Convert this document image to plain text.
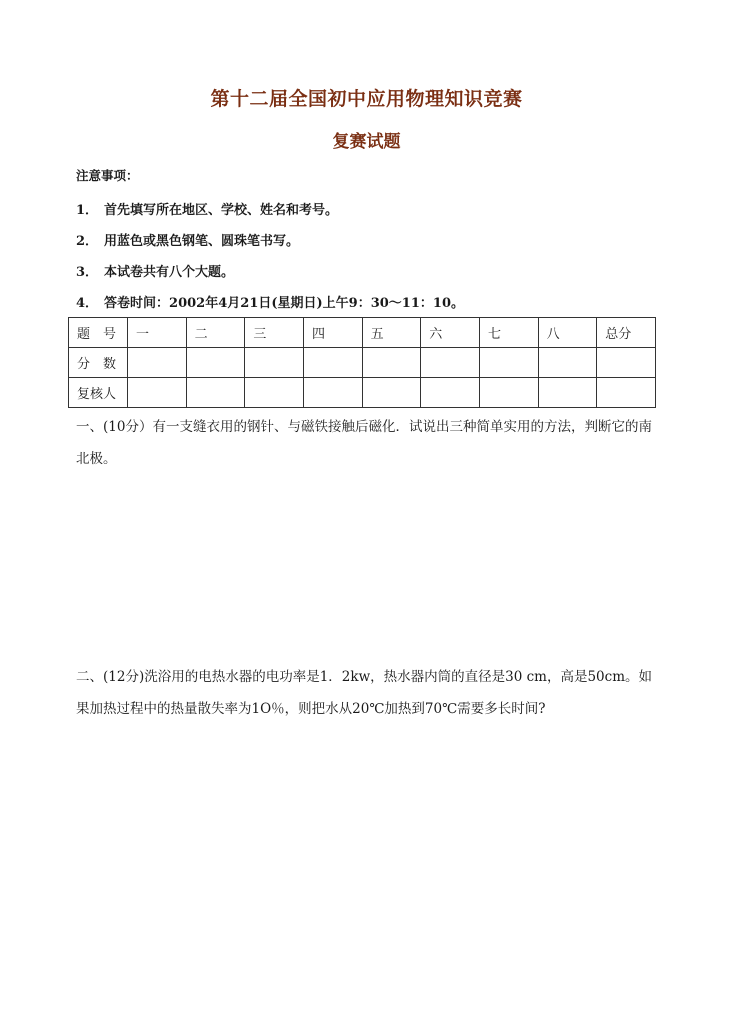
第十二届全国初中应用物理知识竞赛
复赛试题
注意事项：
1． 首先填写所在地区、学校、姓名和考号。
2． 用蓝色或黑色钢笔、圆珠笔书写。
3． 本试卷共有八个大题。
4． 答卷时间：2002年4月21日(星期日)上午9：30～11：10。
题　号	一	二	三	四	五	六	七	八	总分
分　数									
复核人									

一、(10分）有一支缝衣用的钢针、与磁铁接触后磁化．试说出三种简单实用的方法，判断它的南北极。

二、(12分)洗浴用的电热水器的电功率是1．2kw，热水器内筒的直径是30 cm，高是50cm。如果加热过程中的热量散失率为1O％，则把水从20℃加热到70℃需要多长时间?
